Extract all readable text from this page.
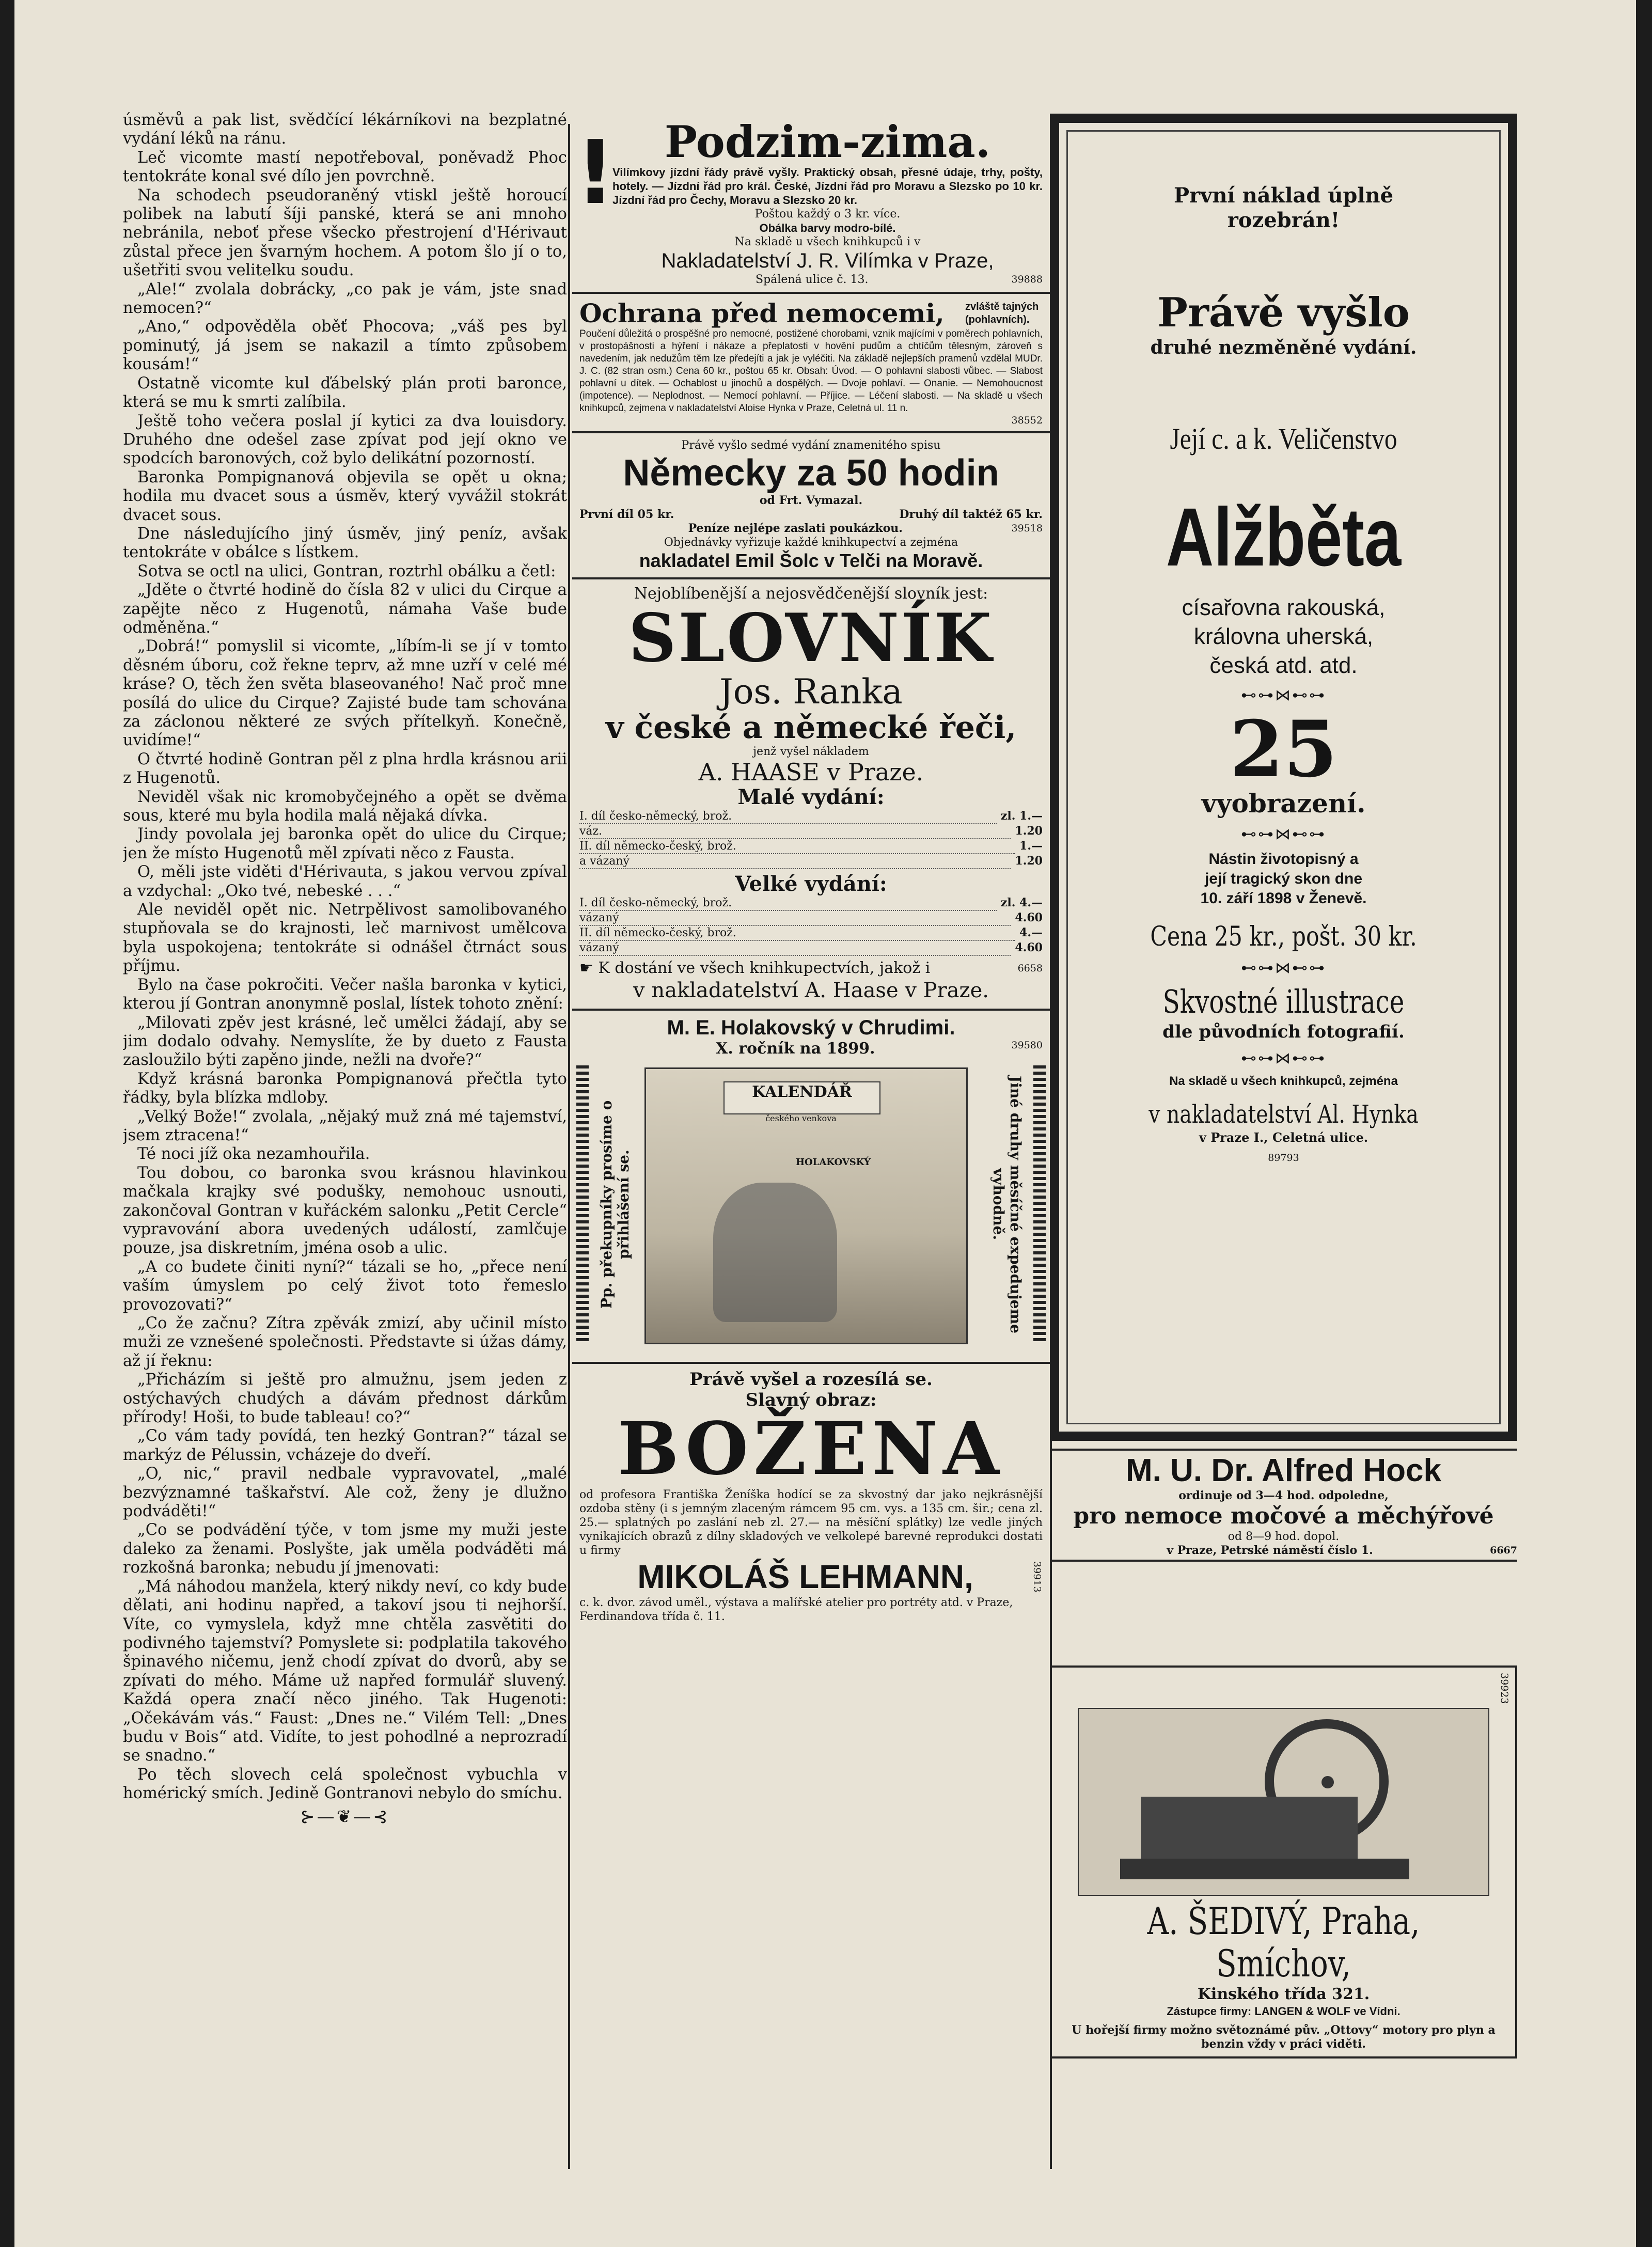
úsměvů a pak list, svědčící lékárníkovi na bezplatné vydání léků na ránu.

Leč vicomte mastí nepotřeboval, poněvadž Phoc tentokráte konal své dílo jen povrchně.

Na schodech pseudoraněný vtiskl ještě horoucí polibek na labutí šíji panské, která se ani mnoho nebránila, neboť přese všecko přestrojení d'Hérivaut zůstal přece jen švarným hochem. A potom šlo jí o to, ušetřiti svou velitelku soudu.

„Ale!“ zvolala dobrácky, „co pak je vám, jste snad nemocen?“

„Ano,“ odpověděla oběť Phocova; „váš pes byl pominutý, já jsem se nakazil a tímto způsobem kousám!“

Ostatně vicomte kul ďábelský plán proti baronce, která se mu k smrti zalíbila.

Ještě toho večera poslal jí kytici za dva louisdory. Druhého dne odešel zase zpívat pod její okno ve spodcích baronových, což bylo delikátní pozorností.

Baronka Pompignanová objevila se opět u okna; hodila mu dvacet sous a úsměv, který vyvážil stokrát dvacet sous.

Dne následujícího jiný úsměv, jiný peníz, avšak tentokráte v obálce s lístkem.

Sotva se octl na ulici, Gontran, roztrhl obálku a četl:

„Jděte o čtvrté hodině do čísla 82 v ulici du Cirque a zapějte něco z Hugenotů, námaha Vaše bude odměněna.“

„Dobrá!“ pomyslil si vicomte, „líbím-li se jí v tomto děsném úboru, což řekne teprv, až mne uzří v celé mé kráse? O, těch žen světa blaseovaného! Nač proč mne posílá do ulice du Cirque? Zajisté bude tam schována za záclonou některé ze svých přítelkyň. Konečně, uvidíme!“

O čtvrté hodině Gontran pěl z plna hrdla krásnou arii z Hugenotů.

Neviděl však nic kromobyčejného a opět se dvěma sous, které mu byla hodila malá nějaká dívka.

Jindy povolala jej baronka opět do ulice du Cirque; jen že místo Hugenotů měl zpívati něco z Fausta.

O, měli jste viděti d'Hérivauta, s jakou vervou zpíval a vzdychal: „Oko tvé, nebeské . . .“

Ale neviděl opět nic. Netrpělivost samolibovaného stupňovala se do krajnosti, leč marnivost umělcova byla uspokojena; tentokráte si odnášel čtrnáct sous příjmu.

Bylo na čase pokročiti. Večer našla baronka v kytici, kterou jí Gontran anonymně poslal, lístek tohoto znění:

„Milovati zpěv jest krásné, leč umělci žádají, aby se jim dodalo odvahy. Nemyslíte, že by dueto z Fausta zasloužilo býti zapěno jinde, nežli na dvoře?“

Když krásná baronka Pompignanová přečtla tyto řádky, byla blízka mdloby.

„Velký Bože!“ zvolala, „nějaký muž zná mé tajemství, jsem ztracena!“

Té noci jíž oka nezamhouřila.

Tou dobou, co baronka svou krásnou hlavinkou mačkala krajky své podušky, nemohouc usnouti, zakončoval Gontran v kuřáckém salonku „Petit Cercle“ vypravování abora uvedených událostí, zamlčuje pouze, jsa diskretním, jména osob a ulic.

„A co budete činiti nyní?“ tázali se ho, „přece není vaším úmyslem po celý život toto řemeslo provozovati?“

„Co že začnu? Zítra zpěvák zmizí, aby učinil místo muži ze vznešené společnosti. Představte si úžas dámy, až jí řeknu:

„Přicházím si ještě pro almužnu, jsem jeden z ostýchavých chudých a dávám přednost dárkům přírody! Hoši, to bude tableau! co?“

„Co vám tady povídá, ten hezký Gontran?“ tázal se markýz de Pélussin, vcházeje do dveří.

„O, nic,“ pravil nedbale vypravovatel, „malé bezvýznamné taškařství. Ale což, ženy je dlužno podváděti!“

„Co se podvádění týče, v tom jsme my muži jeste daleko za ženami. Poslyšte, jak uměla podváděti má rozkošná baronka; nebudu jí jmenovati:

„Má náhodou manžela, který nikdy neví, co kdy bude dělati, ani hodinu napřed, a takoví jsou ti nejhorší. Víte, co vymyslela, když mne chtěla zasvětiti do podivného tajemství? Pomyslete si: podplatila takového špinavého ničemu, jenž chodí zpívat do dvorů, aby se zpívati do mého. Máme už napřed formulář sluvený. Každá opera značí něco jiného. Tak Hugenoti: „Očekávám vás.“ Faust: „Dnes ne.“ Vilém Tell: „Dnes budu v Bois“ atd. Vidíte, to jest pohodlné a neprozradí se snadno.“

Po těch slovech celá společnost vybuchla v homérický smích. Jedině Gontranovi nebylo do smíchu.

⊱—❦—⊰
!	Podzim-zima.
Vilímkovy jízdní řády právě vyšly. Praktický obsah, přesné údaje, trhy, pošty, hotely. — Jízdní řád pro král. České, Jízdní řád pro Moravu a Slezsko po 10 kr. Jízdní řád pro Čechy, Moravu a Slezsko 20 kr.
Poštou každý o 3 kr. více.
Obálka barvy modro-bílé.
Na skladě u všech knihkupců i v
Nakladatelství J. R. Vilímka v Praze,
Spálená ulice č. 13.	39888
Ochrana před nemocemi, zvláště tajných (pohlavních).
Poučení důležitá o prospěšné pro nemocné, postižené chorobami, vznik majícími v poměrech pohlavních, v prostopášnosti a hýření i nákaze a přeplatosti v hovění pudům a chtíčům tělesným, zároveň s navedením, jak nedužům těm lze předejíti a jak je vyléčiti. Na základě nejlepších pramenů vzdělal MUDr. J. C. (82 stran osm.) Cena 60 kr., poštou 65 kr. Obsah: Úvod. — O pohlavní slabosti vůbec. — Slabost pohlavní u dítek. — Ochablost u jinochů a dospělých. — Dvoje pohlaví. — Onanie. — Nemohoucnost (impotence). — Neplodnost. — Nemocí pohlavní. — Příjice. — Léčení slabosti. — Na skladě u všech knihkupců, zejmena v nakladatelství Aloise Hynka v Praze, Celetná ul. 11 n.
38552
Právě vyšlo sedmé vydání znamenitého spisu
Německy za 50 hodin
od Frt. Vymazal.
První díl 05 kr.	Druhý díl taktéž 65 kr.
Peníze nejlépe zaslati poukázkou.	39518
Objednávky vyřizuje každé knihkupectví a zejména
nakladatel Emil Šolc v Telči na Moravě.
Nejoblíbenější a nejosvědčenější slovník jest:
SLOVNÍK
Jos. Ranka
v české a německé řeči,
jenž vyšel nákladem
A. HAASE v Praze.
Malé vydání:
I. díl česko-německý, brož.	zl. 1.—
váz.	1.20
II. díl německo-český, brož.	1.—
a vázaný	1.20
Velké vydání:
I. díl česko-německý, brož.	zl. 4.—
vázaný	4.60
II. díl německo-český, brož.	4.—
vázaný	4.60
☛ K dostání ve všech knihkupectvích, jakož i	6658
v nakladatelství A. Haase v Praze.
M. E. Holakovský v Chrudimi.
X. ročník na 1899.	39580
Pp. překupníky prosíme o přihlášení se.	Jiné druhy měsíčné expedujeme vyhodně.
KALENDÁŘ
českého venkova
HOLAKOVSKÝ
Právě vyšel a rozesílá se.
Slavný obraz:
BOŽENA
od profesora Františka Ženíška hodící se za skvostný dar jako nejkrásnější ozdoba stěny (i s jemným zlaceným rámcem 95 cm. vys. a 135 cm. šir.; cena zl. 25.— splatných po zaslání neb zl. 27.— na měsíční splátky) lze vedle jiných vynikajících obrazů z dílny skladových ve velkolepé barevné reprodukci dostati u firmy
MIKOLÁŠ LEHMANN,	39913
c. k. dvor. závod uměl., výstava a malířské atelier pro portréty atd. v Praze, Ferdinandova třída č. 11.
První náklad úplně
rozebrán!
Právě vyšlo
druhé nezměněné vydání.
Její c. a k. Veličenstvo
Alžběta
císařovna rakouská,
královna uherská,
česká atd. atd.
⊷⊶⋈⊷⊶
25
vyobrazení.
⊷⊶⋈⊷⊶
Nástin životopisný a
její tragický skon dne
10. září 1898 v Ženevě.
Cena 25 kr., pošt. 30 kr.
⊷⊶⋈⊷⊶
Skvostné illustrace
dle původních fotografií.
⊷⊶⋈⊷⊶
Na skladě u všech knihkupců, zejména
v nakladatelství Al. Hynka
v Praze I., Celetná ulice.
89793
M. U. Dr. Alfred Hock
ordinuje od 3—4 hod. odpoledne,
pro nemoce močové a měchýřové
od 8—9 hod. dopol.
v Praze, Petrské náměstí číslo 1.	6667
39923
A. ŠEDIVÝ, Praha, Smíchov,
Kinského třída 321.
Zástupce firmy: LANGEN & WOLF ve Vídni.
U hořejší firmy možno světoznámé pův. „Ottovy“ motory pro plyn a benzin vždy v práci viděti.
